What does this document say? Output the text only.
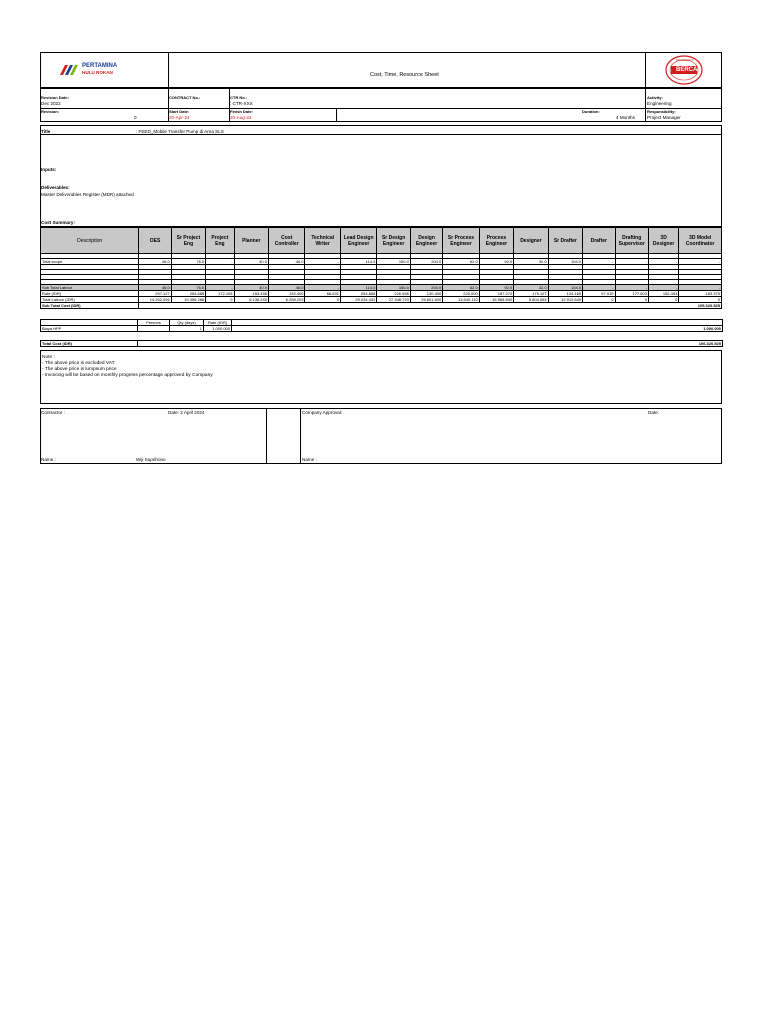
PERTAMINA
HULU ROKAN	Cost, Time, Resource Sheet
BERCA
ENGINEERCO
Revision Date:
Dec 2022
CONTRACT No.:	CTR No.:
: CTR-XXX
Activity:
Engineering
Revision:
0
Start Date:
20-Apr-24
Finish Date:
20-Aug-24
Duration:
4 Months
Responsibility:
Project Manager
Title	: FEED_Mobile Transfer Pump di Area SLS
Inputs:
Deliverables:
Master Deliverables Register (MDR) attached
Cost Summary:
Description	OES	Sr Project Eng	Project Eng	Planner	Cost Controller	Technical Writer	Lead Design Engineer	Sr Design Engineer	Design Engineer	Sr Process Engineer	Process Engineer	Designer	Sr Drafter	Drafter	Drafting Supervisor	3D Designer	3D Model Coordinator

Total scope	46.0	76.0	-	40.0	46.0	-	114.0	150.0	204.0	62.0	92.0	32.0	104.0	-	-	-	-

Sub Total Labour	46.0	76.0	-	40.0	46.0	-	114.0	150.0	204.0	62.0	92.0	32.0	104.0	-	-	-	-
Rate (IDR)	297.127	254.688	172.105	153.456	133.400	68.631	254.688	226.936	130.400	220.000	187.270	175.127	124.160	97.019	177.603	152.494	183.375
Total Labour (IDR)	14.262.096	19.356.288	0	6.138.240	6.258.203	0	29.034.432	27.348.720	26.601.600	13.640.110	16.968.840	5.604.064	12.912.640	0	0	0	0
Sub Total Cost (IDR)	105.320.525																
	Persons	Qty (days)	Rate (IDR)	
Biaya HPP		1	1.000.000	1.000.000
Total Cost (IDR)	106.320.525
Note :
- The above price is excluded VAT
- The above price is lumpsum price
- Invoicing will be based on monthly progress percentage approved by Company
Contractor :	Date: 2 April 2024	Company Approval:	Date:
Name :	Wiji Suprihono	Name :
